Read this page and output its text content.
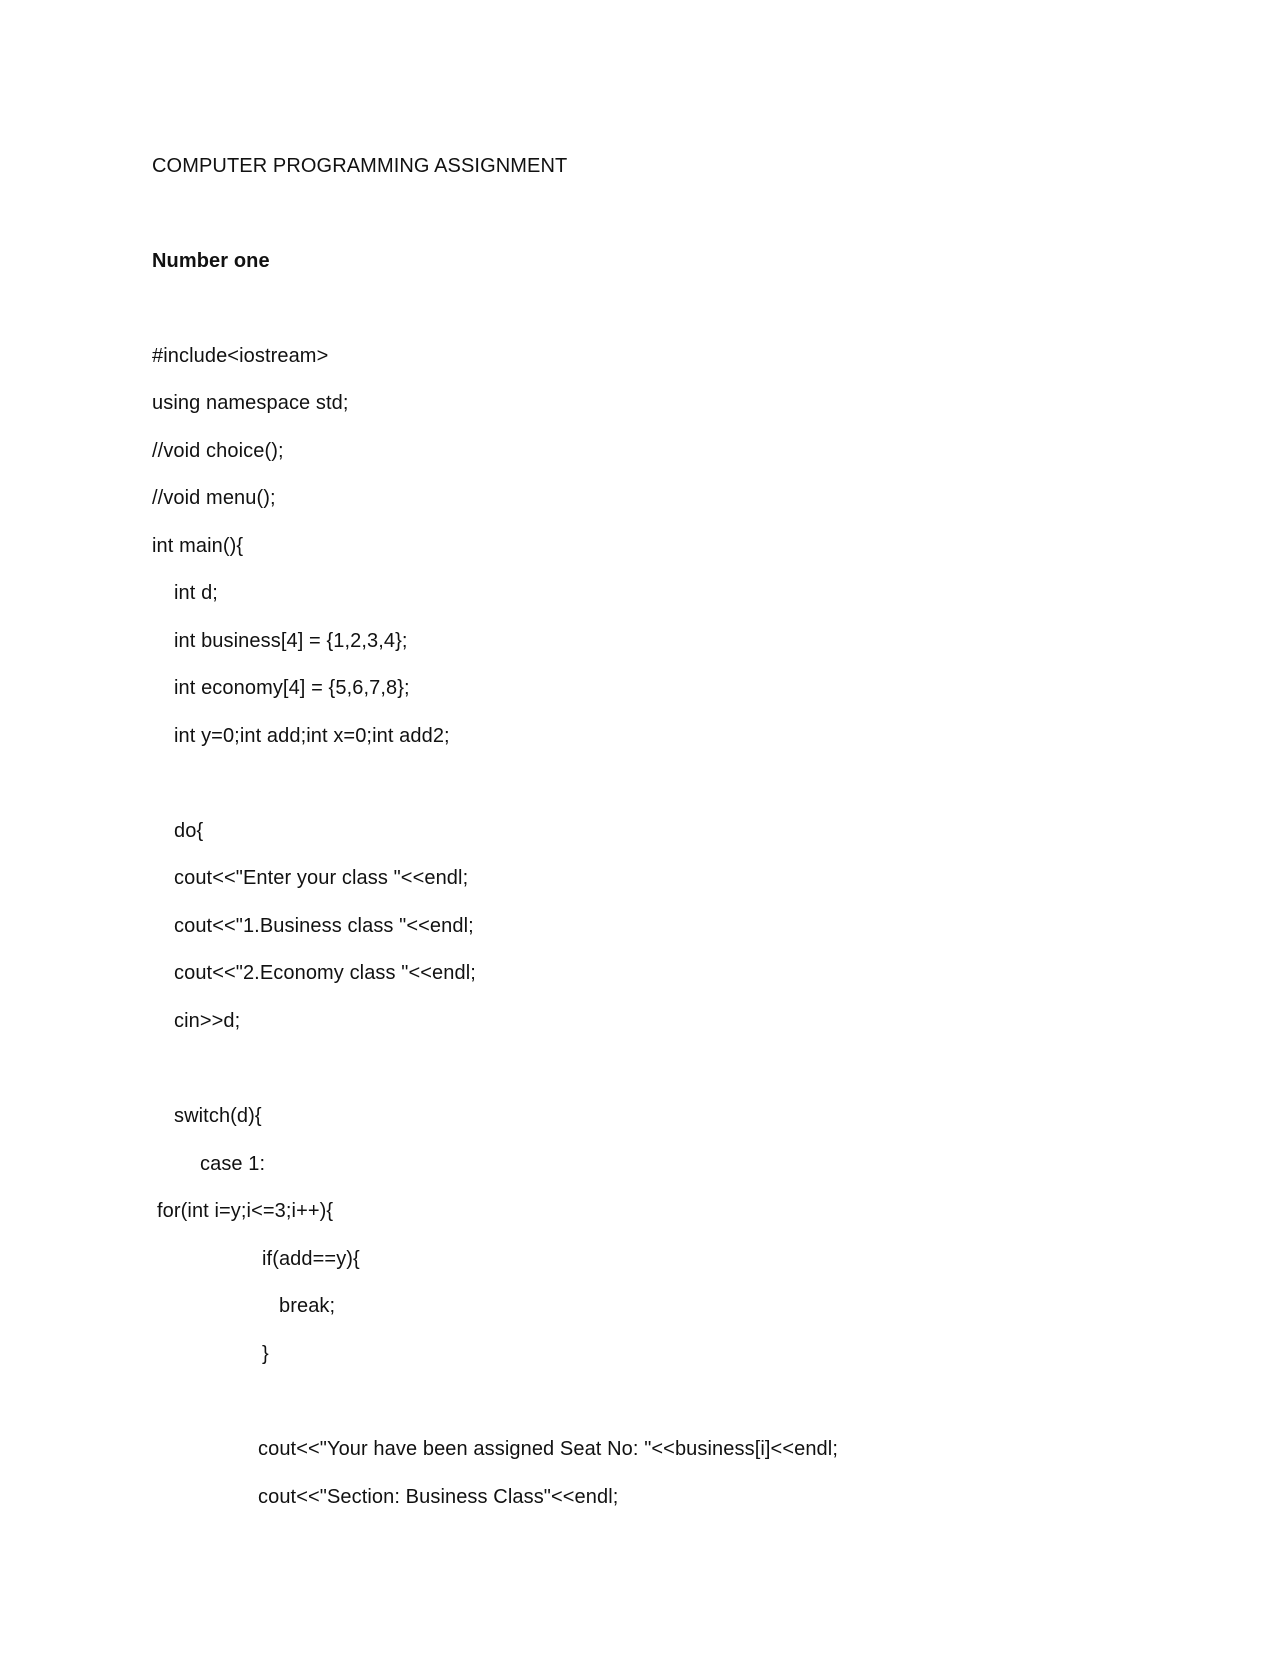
COMPUTER PROGRAMMING ASSIGNMENT
Number one
#include<iostream>
using namespace std;
//void choice();
//void menu();
int main(){
int d;
int business[4] = {1,2,3,4};
int economy[4] = {5,6,7,8};
int y=0;int add;int x=0;int add2;
do{
cout<<"Enter your class "<<endl;
cout<<"1.Business class "<<endl;
cout<<"2.Economy class "<<endl;
cin>>d;
switch(d){
case 1:
for(int i=y;i<=3;i++){
if(add==y){
break;
}
cout<<"Your have been assigned Seat No: "<<business[i]<<endl;
cout<<"Section: Business Class"<<endl;
